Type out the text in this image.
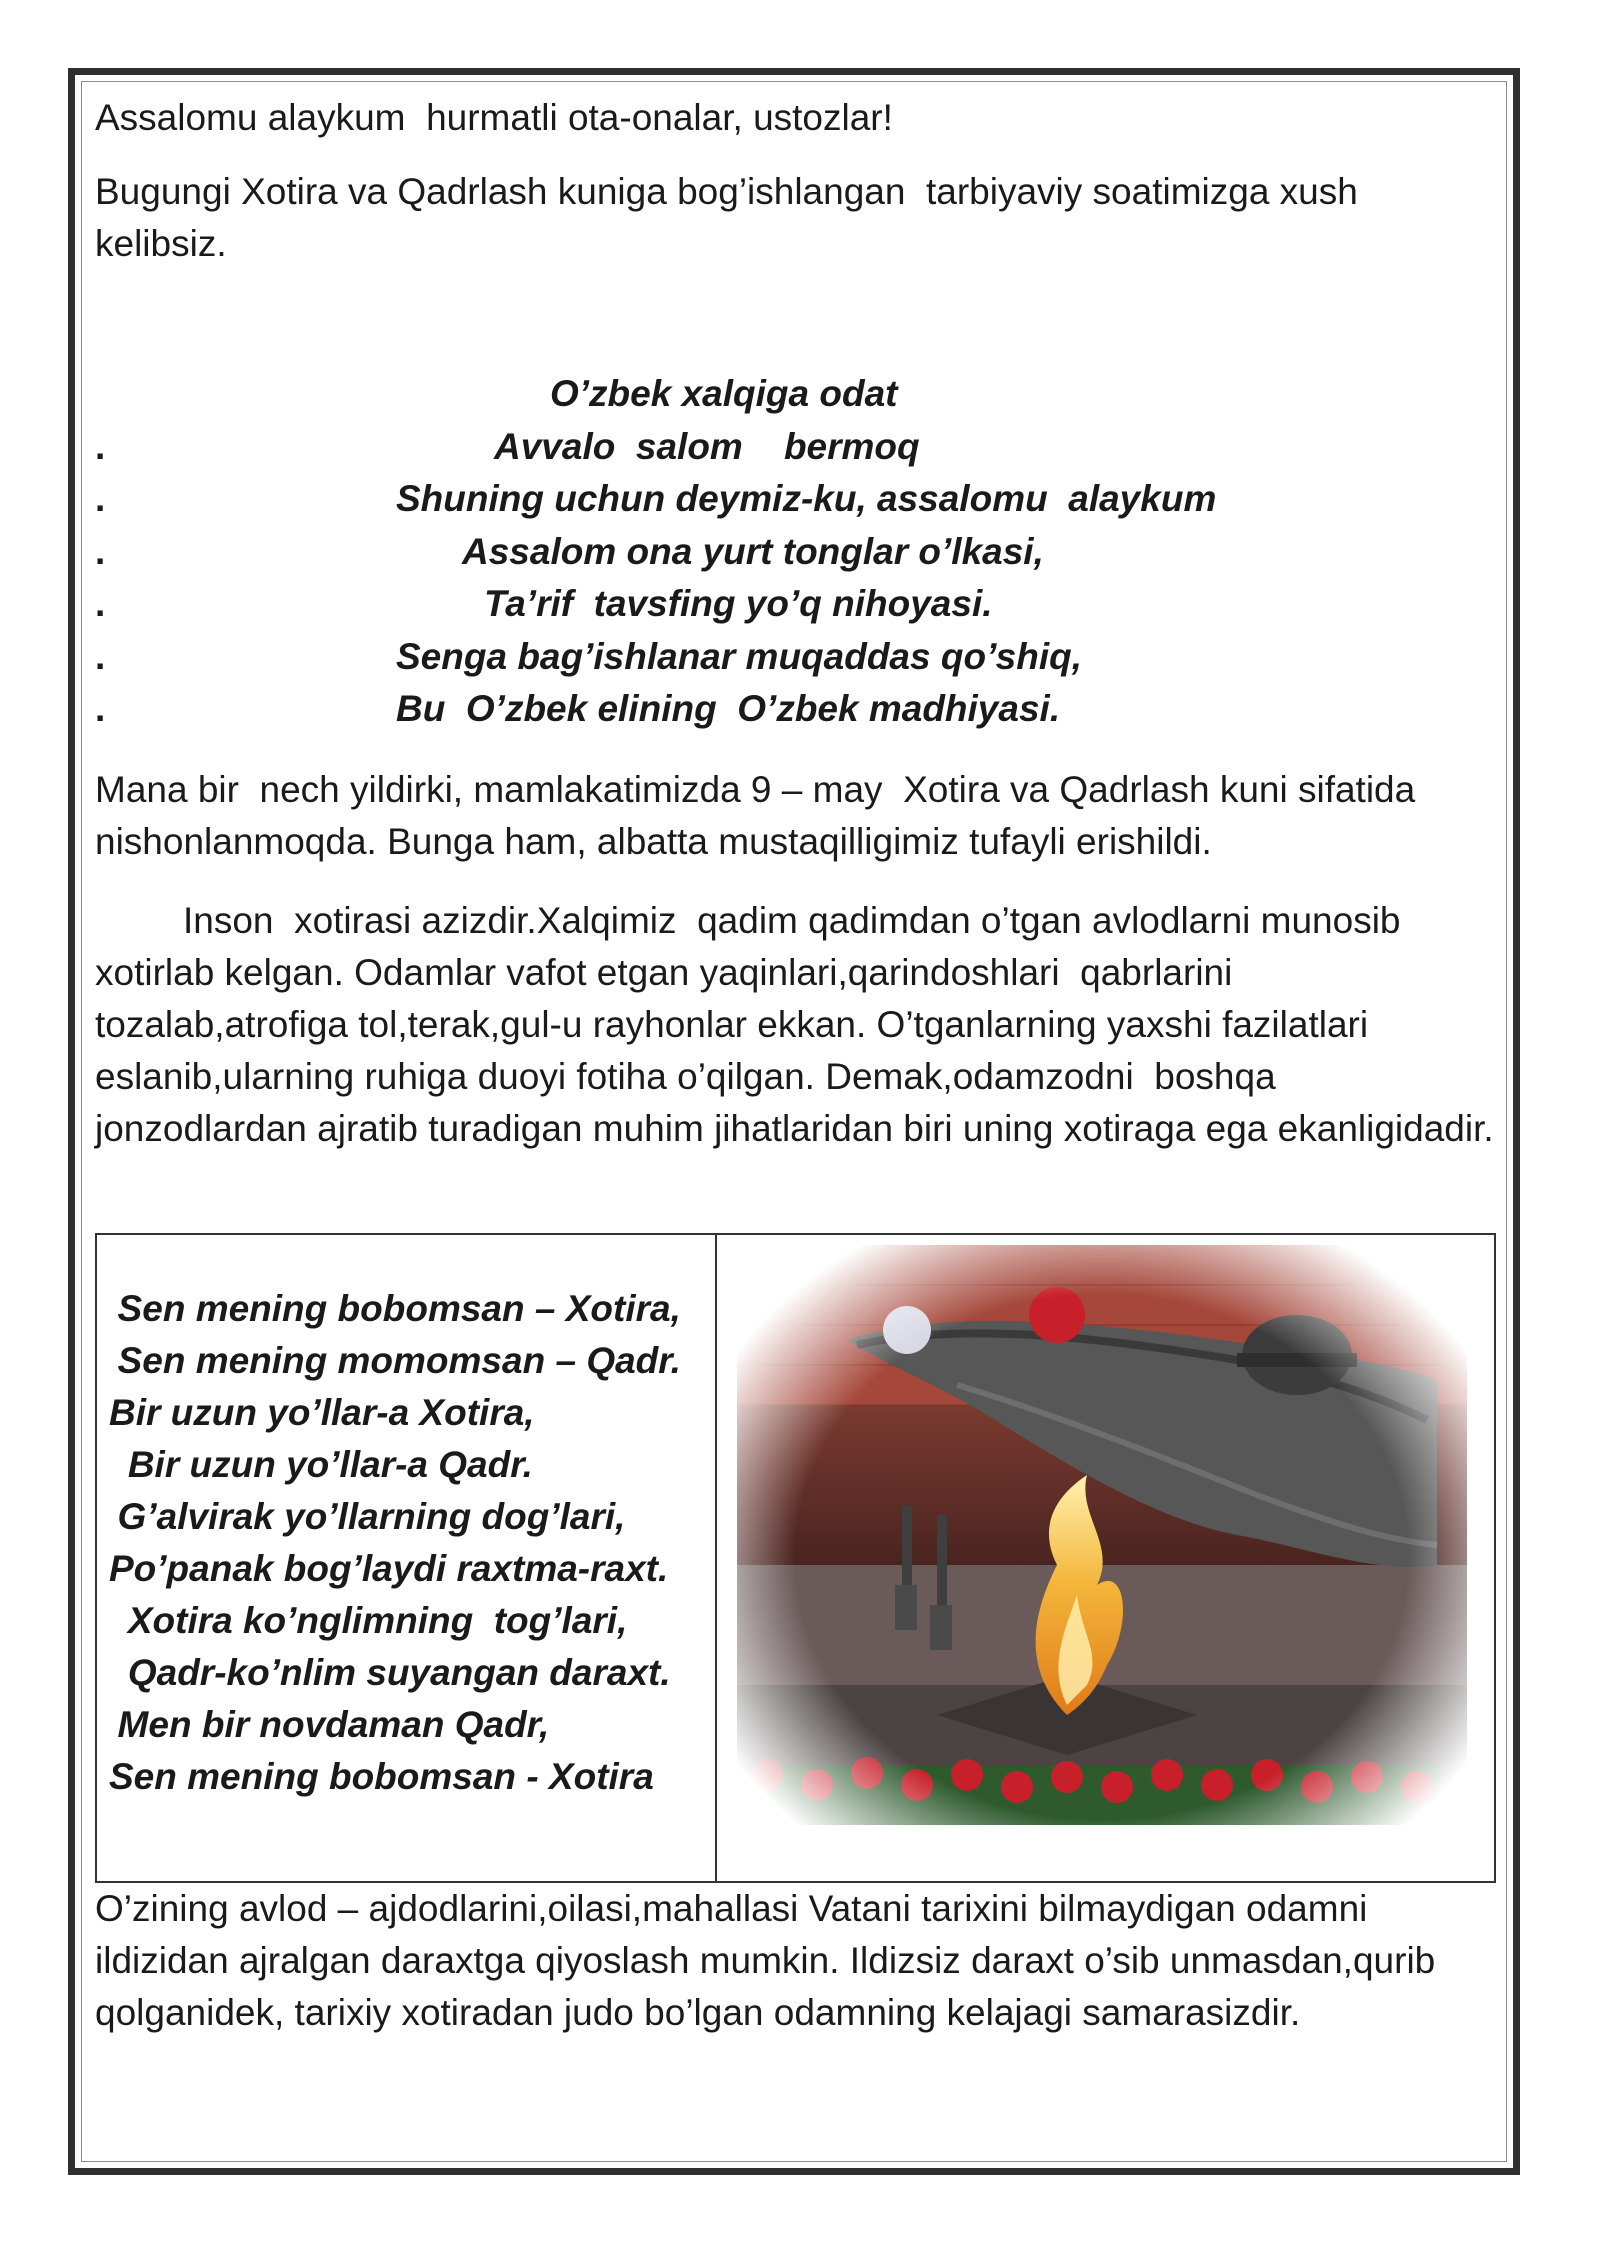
Assalomu alaykum  hurmatli ota-onalar, ustozlar!

Bugungi Xotira va Qadrlash kuniga bog’ishlangan  tarbiyaviy soatimizga xush kelibsiz.

O’zbek xalqiga odat
.	Avvalo  salom    bermoq
.	Shuning uchun deymiz-ku, assalomu  alaykum
.	Assalom ona yurt tonglar o’lkasi,
.	Ta’rif  tavsfing yo’q nihoyasi.
.	Senga bag’ishlanar muqaddas qo’shiq,
.	Bu  O’zbek elining  O’zbek madhiyasi.

Mana bir  nech yildirki, mamlakatimizda 9 – may  Xotira va Qadrlash kuni sifatida nishonlanmoqda. Bunga ham, albatta mustaqilligimiz tufayli erishildi.

Inson  xotirasi azizdir.Xalqimiz  qadim qadimdan o’tgan avlodlarni munosib xotirlab kelgan. Odamlar vafot etgan yaqinlari,qarindoshlari  qabrlarini tozalab,atrofiga tol,terak,gul-u rayhonlar ekkan. O’tganlarning yaxshi fazilatlari eslanib,ularning ruhiga duoyi fotiha o’qilgan. Demak,odamzodni  boshqa jonzodlardan ajratib turadigan muhim jihatlaridan biri uning xotiraga ega ekanligidadir.

Sen mening bobomsan – Xotira,
Sen mening momomsan – Qadr.
Bir uzun yo’llar-a Xotira,
Bir uzun yo’llar-a Qadr.
G’alvirak yo’llarning dog’lari,
Po’panak bog’laydi raxtma-raxt.
Xotira ko’nglimning  tog’lari,
Qadr-ko’nlim suyangan daraxt.
Men bir novdaman Qadr,
Sen mening bobomsan - Xotira

O’zining avlod – ajdodlarini,oilasi,mahallasi Vatani tarixini bilmaydigan odamni ildizidan ajralgan daraxtga qiyoslash mumkin. Ildizsiz daraxt o’sib unmasdan,qurib qolganidek, tarixiy xotiradan judo bo’lgan odamning kelajagi samarasizdir.
